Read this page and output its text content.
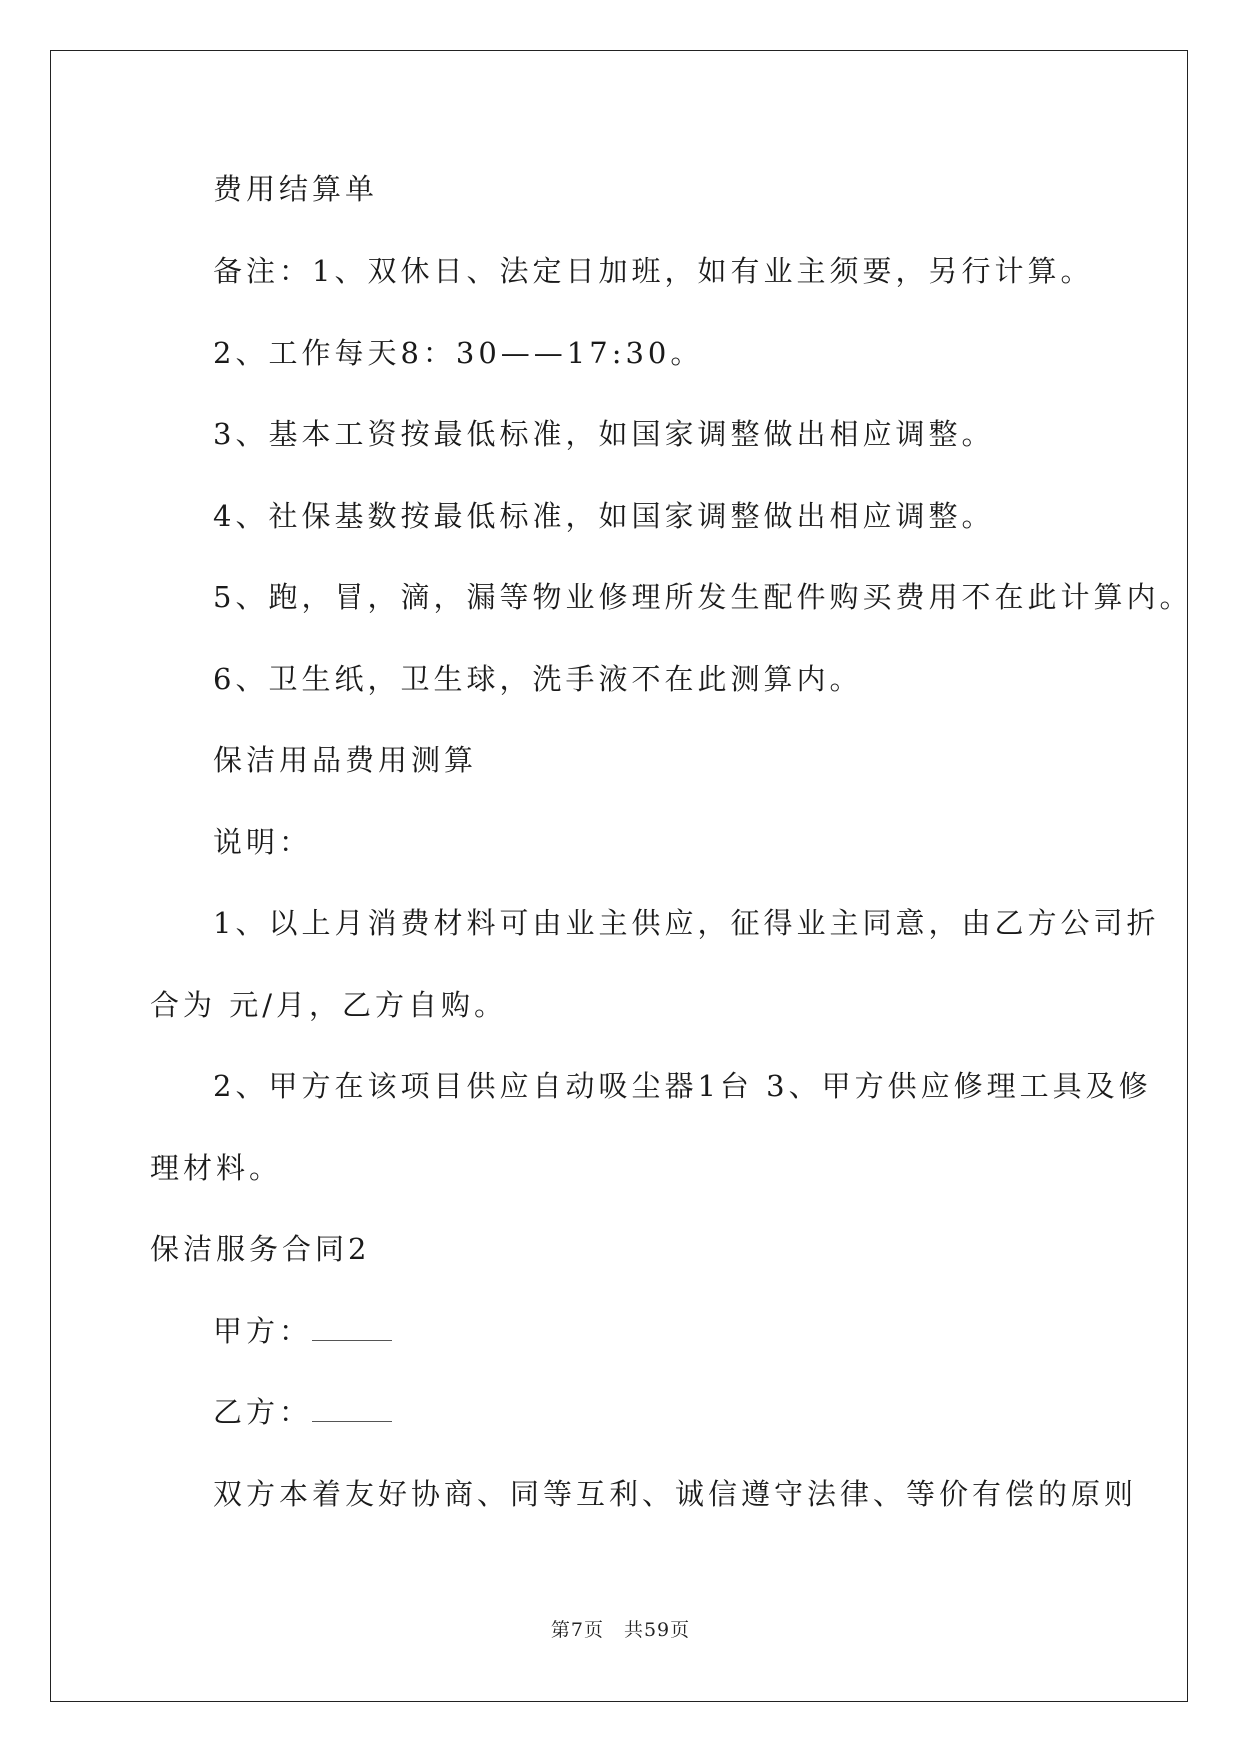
费用结算单
备注：1、双休日、法定日加班，如有业主须要，另行计算。
2、工作每天8：30——17:30。
3、基本工资按最低标准，如国家调整做出相应调整。
4、社保基数按最低标准，如国家调整做出相应调整。
5、跑，冒，滴，漏等物业修理所发生配件购买费用不在此计算内。
6、卫生纸，卫生球，洗手液不在此测算内。
保洁用品费用测算
说明：
1、以上月消费材料可由业主供应，征得业主同意，由乙方公司折
合为 元/月，乙方自购。
2、甲方在该项目供应自动吸尘器1台 3、甲方供应修理工具及修
理材料。
保洁服务合同2
甲方：
乙方：
双方本着友好协商、同等互利、诚信遵守法律、等价有偿的原则
第7页　共59页
